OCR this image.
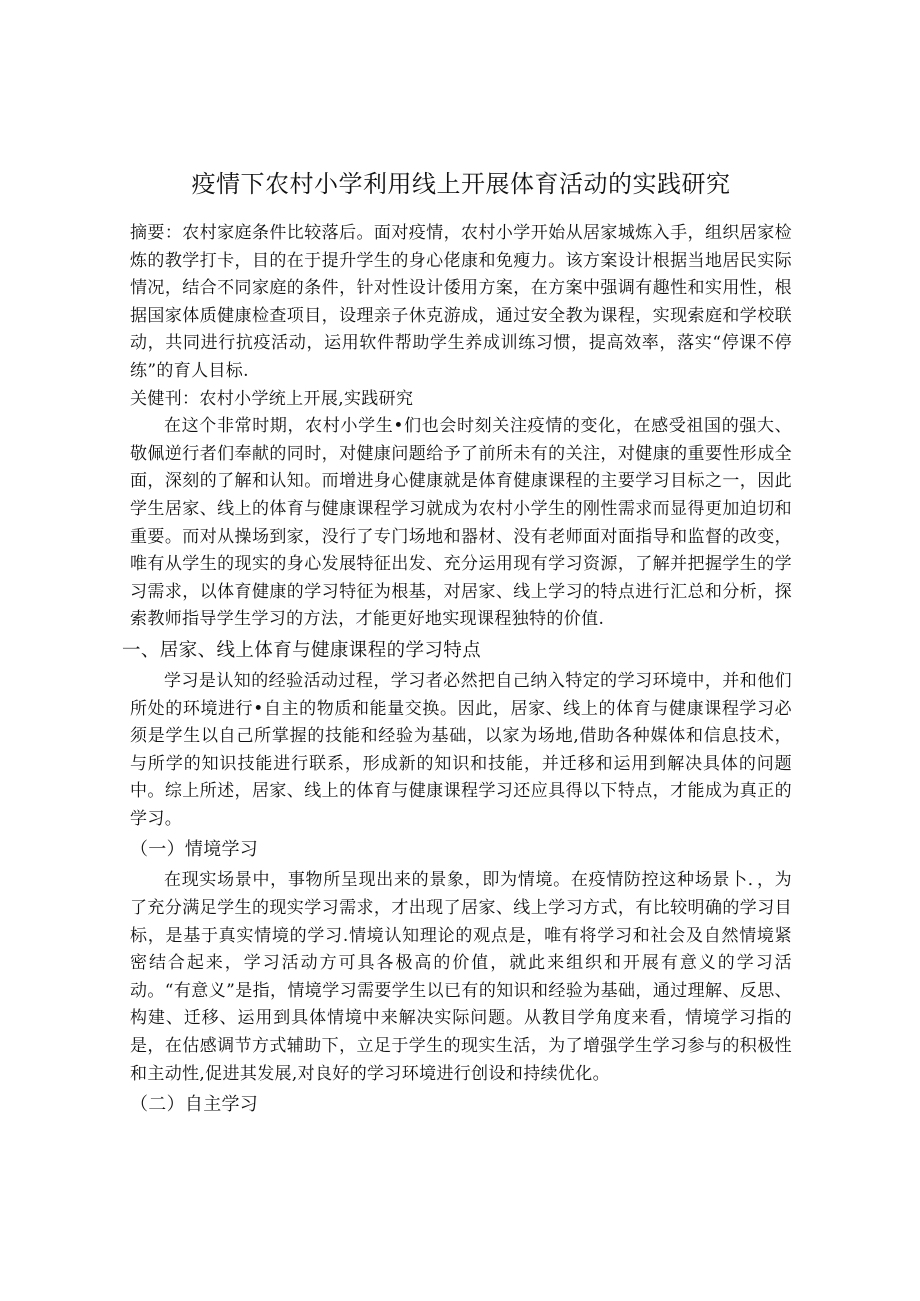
疫情下农村小学利用线上开展体育活动的实践研究

摘要：农村家庭条件比较落后。面对疫情，农村小学开始从居家城炼入手，组织居家检炼的教学打卡，目的在于提升学生的身心佬康和免瘦力。该方案设计根据当地居民实际情况，结合不同家庭的条件，针对性设计倭用方案，在方案中强调有趣性和实用性，根据国家体质健康检查项目，设理亲子休克游成，通过安全教为课程，实现索庭和学校联动，共同进行抗疫活动，运用软件帮助学生养成训练习惯，提高效率，落实“停课不停练”的育人目标.

关健刊：农村小学统上开展,实践研究

在这个非常时期，农村小学生•们也会时刻关注疫情的变化，在感受祖国的强大、敬佩逆行者们奉献的同时，对健康问题给予了前所未有的关注，对健康的重要性形成全面，深刻的了解和认知。而增进身心健康就是体育健康课程的主要学习目标之一，因此学生居家、线上的体育与健康课程学习就成为农村小学生的刚性需求而显得更加迫切和重要。而对从操场到家，没行了专门场地和器材、没有老师面对面指导和监督的改变，唯有从学生的现实的身心发展特征出发、充分运用现有学习资源，了解并把握学生的学习需求，以体育健康的学习特征为根基，对居家、线上学习的特点进行汇总和分析，探索教师指导学生学习的方法，才能更好地实现课程独特的价值.

一、居家、线上体育与健康课程的学习特点

学习是认知的经验活动过程，学习者必然把自己纳入特定的学习环境中，并和他们所处的环境进行•自主的物质和能量交换。因此，居家、线上的体育与健康课程学习必须是学生以自己所掌握的技能和经验为基础，以家为场地,借助各种媒体和信息技术，与所学的知识技能进行联系，形成新的知识和技能，并迁移和运用到解决具体的问题中。综上所述，居家、线上的体育与健康课程学习还应具得以下特点，才能成为真正的学习。

（一）情境学习

在现实场景中，事物所呈现出来的景象，即为情境。在疫情防控这种场景卜．，为了充分满足学生的现实学习需求，才出现了居家、线上学习方式，有比较明确的学习目标，是基于真实情境的学习.情境认知理论的观点是，唯有将学习和社会及自然情境紧密结合起来，学习活动方可具各极高的价值，就此来组织和开展有意义的学习活动。“有意义”是指，情境学习需要学生以已有的知识和经验为基础，通过理解、反思、构建、迁移、运用到具体情境中来解决实际问题。从教目学角度来看，情境学习指的是，在估感调节方式辅助下，立足于学生的现实生活，为了增强学生学习参与的积极性和主动性,促进其发展,对良好的学习环境进行创设和持续优化。

（二）自主学习
